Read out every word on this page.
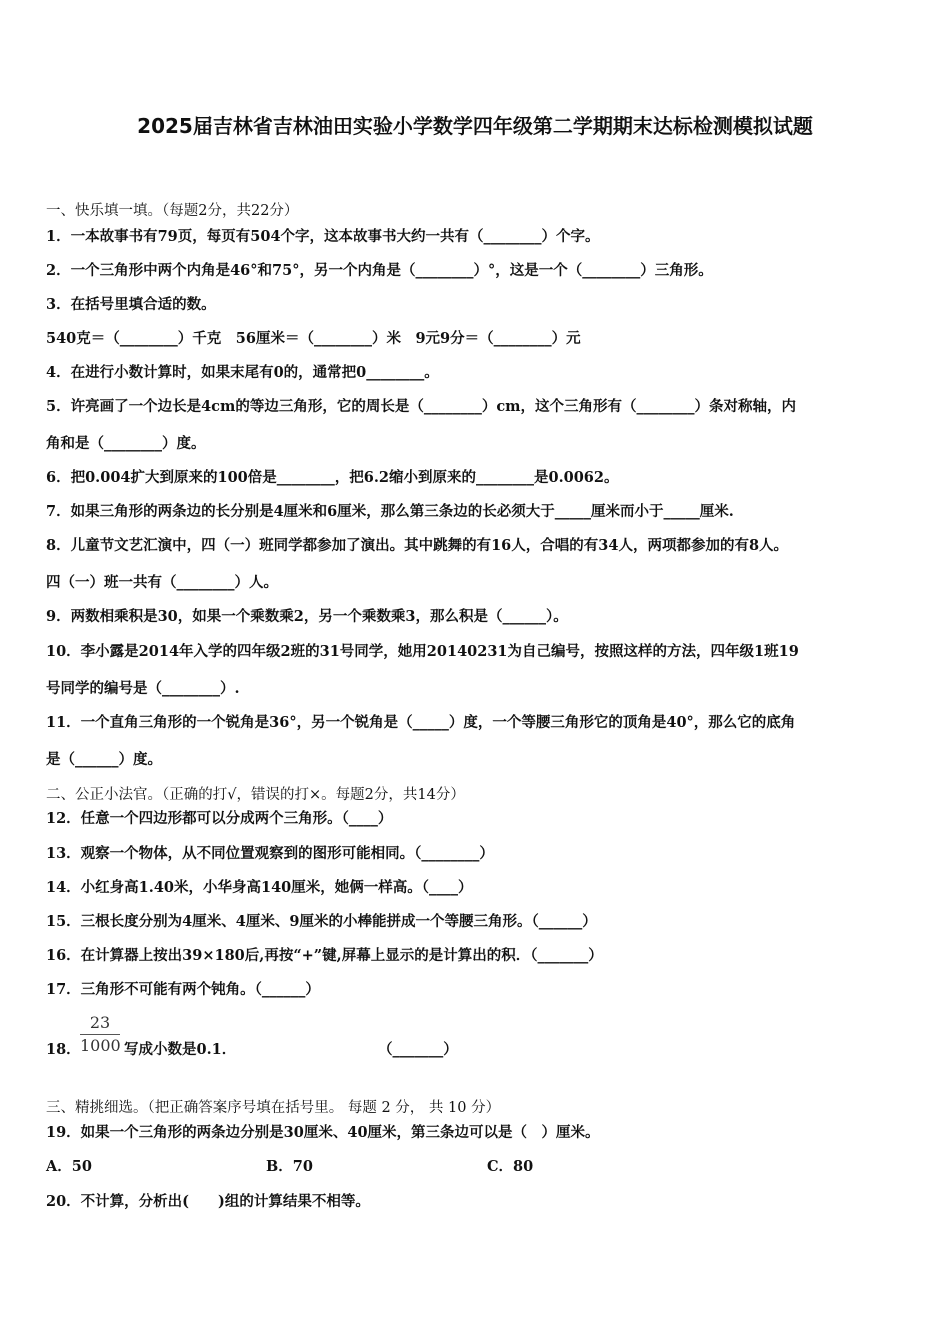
2025届吉林省吉林油田实验小学数学四年级第二学期期末达标检测模拟试题
一、快乐填一填。（每题2分，共22分）
1．一本故事书有79页，每页有504个字，这本故事书大约一共有（________）个字。
2．一个三角形中两个内角是46°和75°，另一个内角是（________）°，这是一个（________）三角形。
3．在括号里填合适的数。
540克＝（________）千克　56厘米＝（________）米　9元9分＝（________）元
4．在进行小数计算时，如果末尾有0的，通常把0________。
5．许亮画了一个边长是4cm的等边三角形，它的周长是（________）cm，这个三角形有（________）条对称轴，内
角和是（________）度。
6．把0.004扩大到原来的100倍是________，把6.2缩小到原来的________是0.0062。
7．如果三角形的两条边的长分别是4厘米和6厘米，那么第三条边的长必须大于_____厘米而小于_____厘米.
8．儿童节文艺汇演中，四（一）班同学都参加了演出。其中跳舞的有16人，合唱的有34人，两项都参加的有8人。
四（一）班一共有（________）人。
9．两数相乘积是30，如果一个乘数乘2，另一个乘数乘3，那么积是（______）。
10．李小露是2014年入学的四年级2班的31号同学，她用20140231为自己编号，按照这样的方法，四年级1班19
号同学的编号是（________）.
11．一个直角三角形的一个锐角是36°，另一个锐角是（_____）度，一个等腰三角形它的顶角是40°，那么它的底角
是（______）度。
二、公正小法官。（正确的打√，错误的打×。每题2分，共14分）
12．任意一个四边形都可以分成两个三角形。（____）
13．观察一个物体，从不同位置观察到的图形可能相同。（________）
14．小红身高1.40米，小华身高140厘米，她俩一样高。（____）
15．三根长度分别为4厘米、4厘米、9厘米的小棒能拼成一个等腰三角形。（______）
16．在计算器上按出39×180后,再按“+”键,屏幕上显示的是计算出的积．（_______）
17．三角形不可能有两个钝角。（______）
18．
23
1000 写成小数是0.1．	（_______）
三、精挑细选。（把正确答案序号填在括号里。 每题 2 分， 共 10 分）
19．如果一个三角形的两条边分别是30厘米、40厘米，第三条边可以是（　）厘米。
A．50	B．70	C．80
20．不计算，分析出(　　)组的计算结果不相等。
